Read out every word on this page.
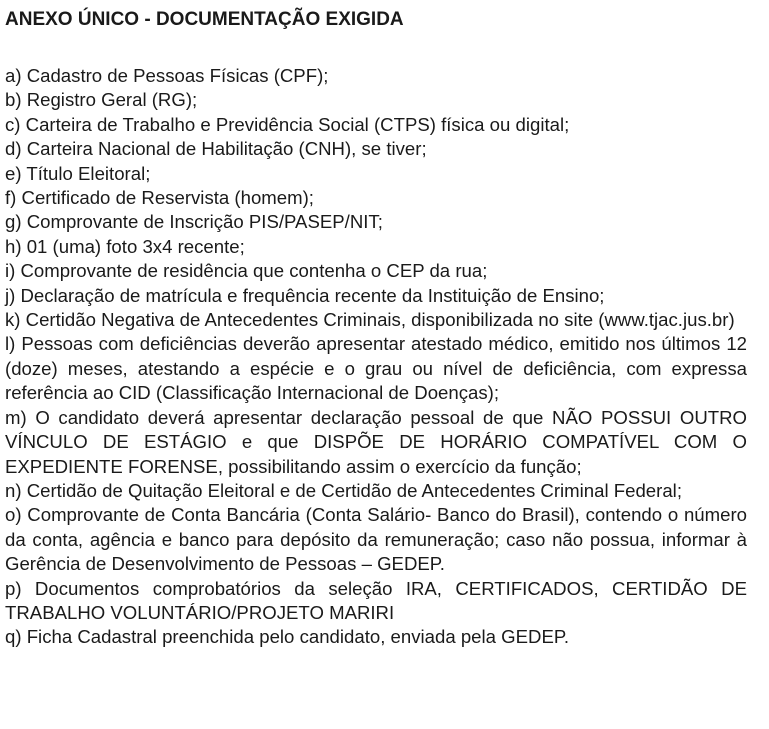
ANEXO ÚNICO - DOCUMENTAÇÃO EXIGIDA
a) Cadastro de Pessoas Físicas (CPF);
b) Registro Geral (RG);
c) Carteira de Trabalho e Previdência Social (CTPS) física ou digital;
d) Carteira Nacional de Habilitação (CNH), se tiver;
e) Título Eleitoral;
f) Certificado de Reservista (homem);
g) Comprovante de Inscrição PIS/PASEP/NIT;
h) 01 (uma) foto 3x4 recente;
i) Comprovante de residência que contenha o CEP da rua;
j) Declaração de matrícula e frequência recente da Instituição de Ensino;
k) Certidão Negativa de Antecedentes Criminais, disponibilizada no site (www.tjac.jus.br)
l) Pessoas com deficiências deverão apresentar atestado médico, emitido nos últimos 12 (doze) meses, atestando a espécie e o grau ou nível de deficiência, com expressa referência ao CID (Classificação Internacional de Doenças);
m) O candidato deverá apresentar declaração pessoal de que NÃO POSSUI OUTRO VÍNCULO DE ESTÁGIO e que DISPÕE DE HORÁRIO COMPATÍVEL COM O EXPEDIENTE FORENSE, possibilitando assim o exercício da função;
n) Certidão de Quitação Eleitoral e de Certidão de Antecedentes Criminal Federal;
o) Comprovante de Conta Bancária (Conta Salário- Banco do Brasil), contendo o número da conta, agência e banco para depósito da remuneração; caso não possua, informar à Gerência de Desenvolvimento de Pessoas – GEDEP.
p) Documentos comprobatórios da seleção IRA, CERTIFICADOS, CERTIDÃO DE TRABALHO VOLUNTÁRIO/PROJETO MARIRI
q) Ficha Cadastral preenchida pelo candidato, enviada pela GEDEP.
